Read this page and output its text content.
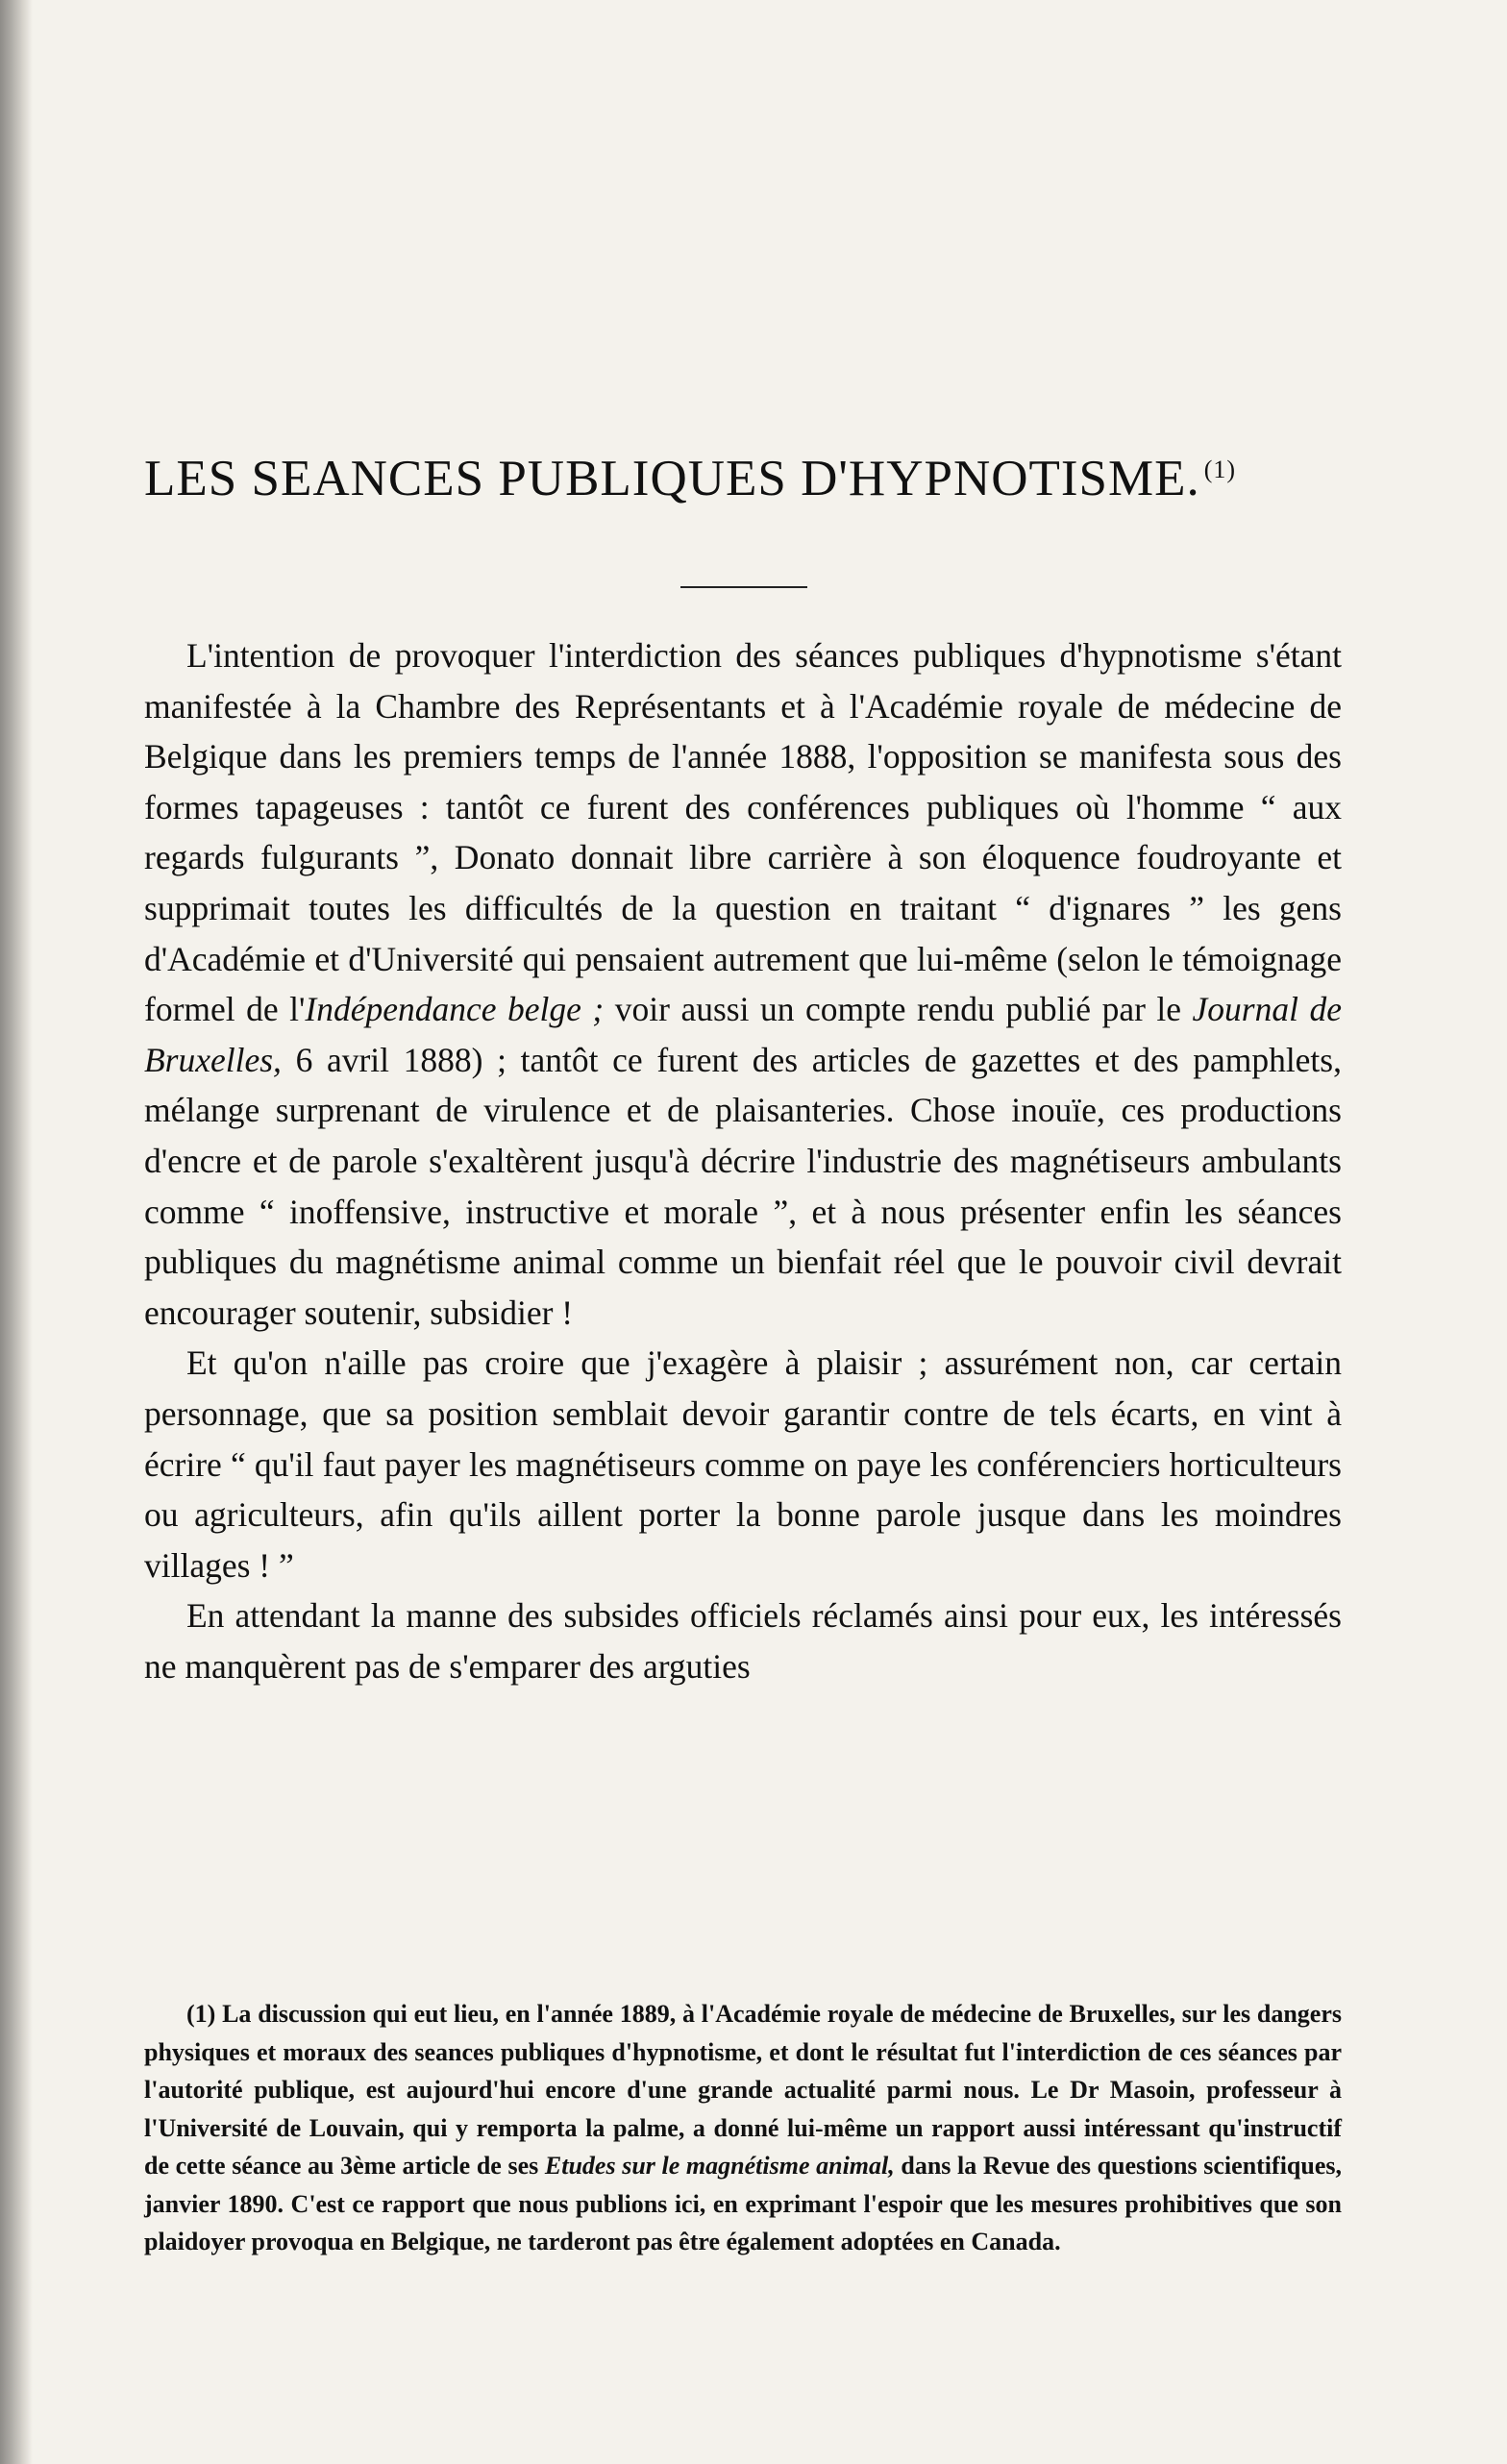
LES SEANCES PUBLIQUES D'HYPNOTISME. $^{(1)}$

L'intention de provoquer l'interdiction des séances publiques d'hypnotisme s'étant manifestée à la Chambre des Représentants et à l'Académie royale de médecine de Belgique dans les premiers temps de l'année 1888, l'opposition se manifesta sous des formes tapageuses : tantôt ce furent des conférences publiques où l'homme “ aux regards fulgurants ”, Donato donnait libre carrière à son éloquence foudroyante et supprimait toutes les difficultés de la question en traitant “ d'ignares ” les gens d'Académie et d'Université qui pensaient autrement que lui-même (selon le témoignage formel de l'Indépendance belge ; voir aussi un compte rendu publié par le Journal de Bruxelles, 6 avril 1888) ; tantôt ce furent des articles de gazettes et des pamphlets, mélange surprenant de virulence et de plaisanteries. Chose inouïe, ces productions d'encre et de parole s'exaltèrent jusqu'à décrire l'industrie des magnétiseurs ambulants comme “ inoffensive, instructive et morale ”, et à nous présenter enfin les séances publiques du magnétisme animal comme un bienfait réel que le pouvoir civil devrait encourager soutenir, subsidier !

Et qu'on n'aille pas croire que j'exagère à plaisir ; assurément non, car certain personnage, que sa position semblait devoir garantir contre de tels écarts, en vint à écrire “ qu'il faut payer les magnétiseurs comme on paye les conférenciers horticulteurs ou agriculteurs, afin qu'ils aillent porter la bonne parole jusque dans les moindres villages ! ”

En attendant la manne des subsides officiels réclamés ainsi pour eux, les intéressés ne manquèrent pas de s'emparer des arguties

(1) La discussion qui eut lieu, en l'année 1889, à l'Académie royale de médecine de Bruxelles, sur les dangers physiques et moraux des seances publiques d'hypnotisme, et dont le résultat fut l'interdiction de ces séances par l'autorité publique, est aujourd'hui encore d'une grande actualité parmi nous. Le Dr Masoin, professeur à l'Université de Louvain, qui y remporta la palme, a donné lui-même un rapport aussi intéressant qu'instructif de cette séance au 3ème article de ses Etudes sur le magnétisme animal, dans la Revue des questions scientifiques, janvier 1890. C'est ce rapport que nous publions ici, en exprimant l'espoir que les mesures prohibitives que son plaidoyer provoqua en Belgique, ne tarderont pas être également adoptées en Canada.
